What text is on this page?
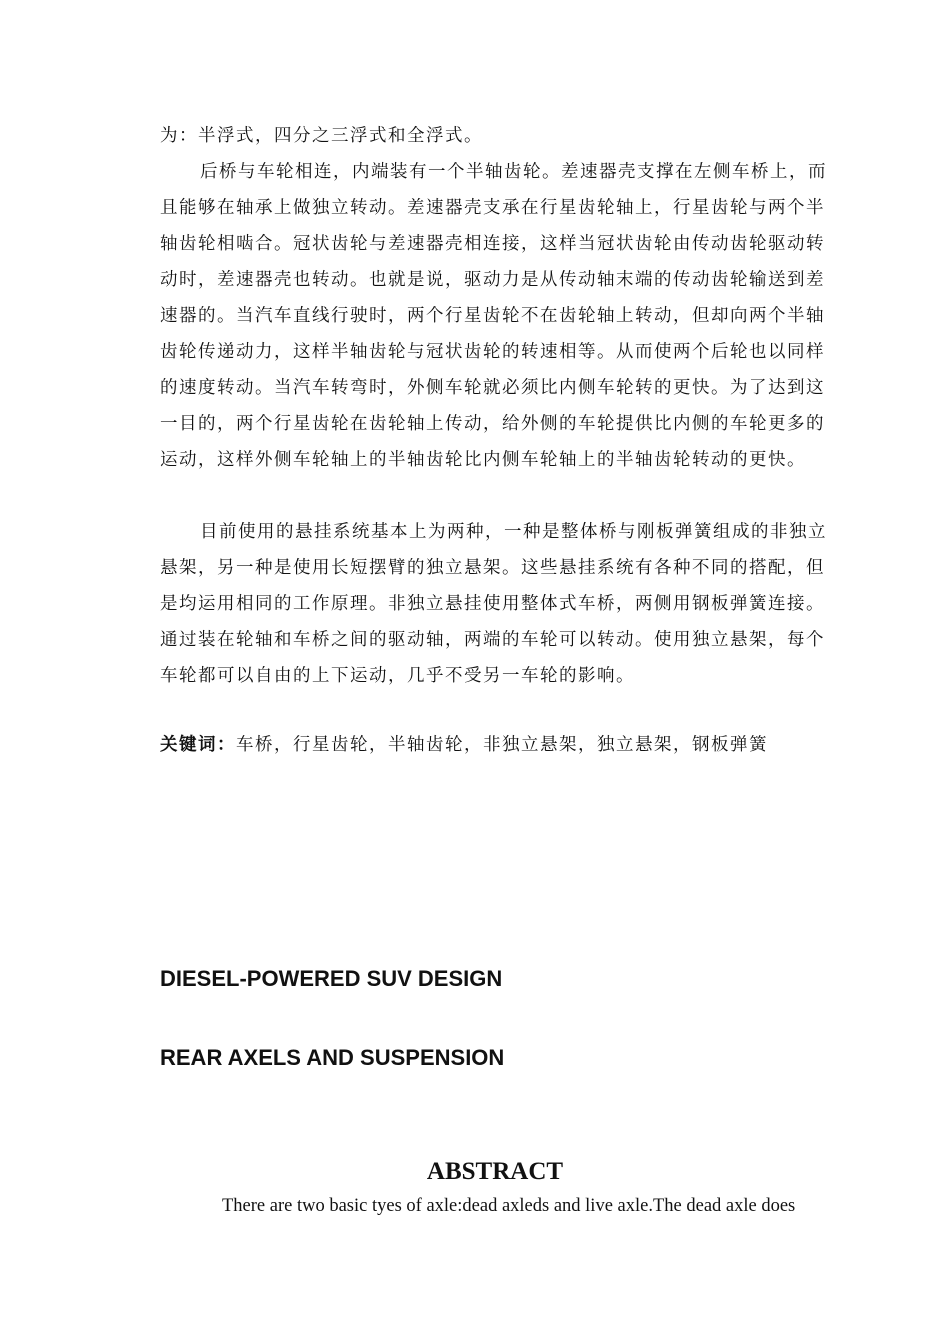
为：半浮式，四分之三浮式和全浮式。

后桥与车轮相连，内端装有一个半轴齿轮。差速器壳支撑在左侧车桥上，而且能够在轴承上做独立转动。差速器壳支承在行星齿轮轴上，行星齿轮与两个半轴齿轮相啮合。冠状齿轮与差速器壳相连接，这样当冠状齿轮由传动齿轮驱动转动时，差速器壳也转动。也就是说，驱动力是从传动轴末端的传动齿轮输送到差速器的。当汽车直线行驶时，两个行星齿轮不在齿轮轴上转动，但却向两个半轴齿轮传递动力，这样半轴齿轮与冠状齿轮的转速相等。从而使两个后轮也以同样的速度转动。当汽车转弯时，外侧车轮就必须比内侧车轮转的更快。为了达到这一目的，两个行星齿轮在齿轮轴上传动，给外侧的车轮提供比内侧的车轮更多的运动，这样外侧车轮轴上的半轴齿轮比内侧车轮轴上的半轴齿轮转动的更快。

目前使用的悬挂系统基本上为两种，一种是整体桥与刚板弹簧组成的非独立悬架，另一种是使用长短摆臂的独立悬架。这些悬挂系统有各种不同的搭配，但是均运用相同的工作原理。非独立悬挂使用整体式车桥，两侧用钢板弹簧连接。通过装在轮轴和车桥之间的驱动轴，两端的车轮可以转动。使用独立悬架，每个车轮都可以自由的上下运动，几乎不受另一车轮的影响。

关键词：车桥，行星齿轮，半轴齿轮，非独立悬架，独立悬架，钢板弹簧

DIESEL-POWERED SUV DESIGN
REAR AXELS AND SUSPENSION
ABSTRACT

There are two basic tyes of axle:dead axleds and live axle.The dead axle does
